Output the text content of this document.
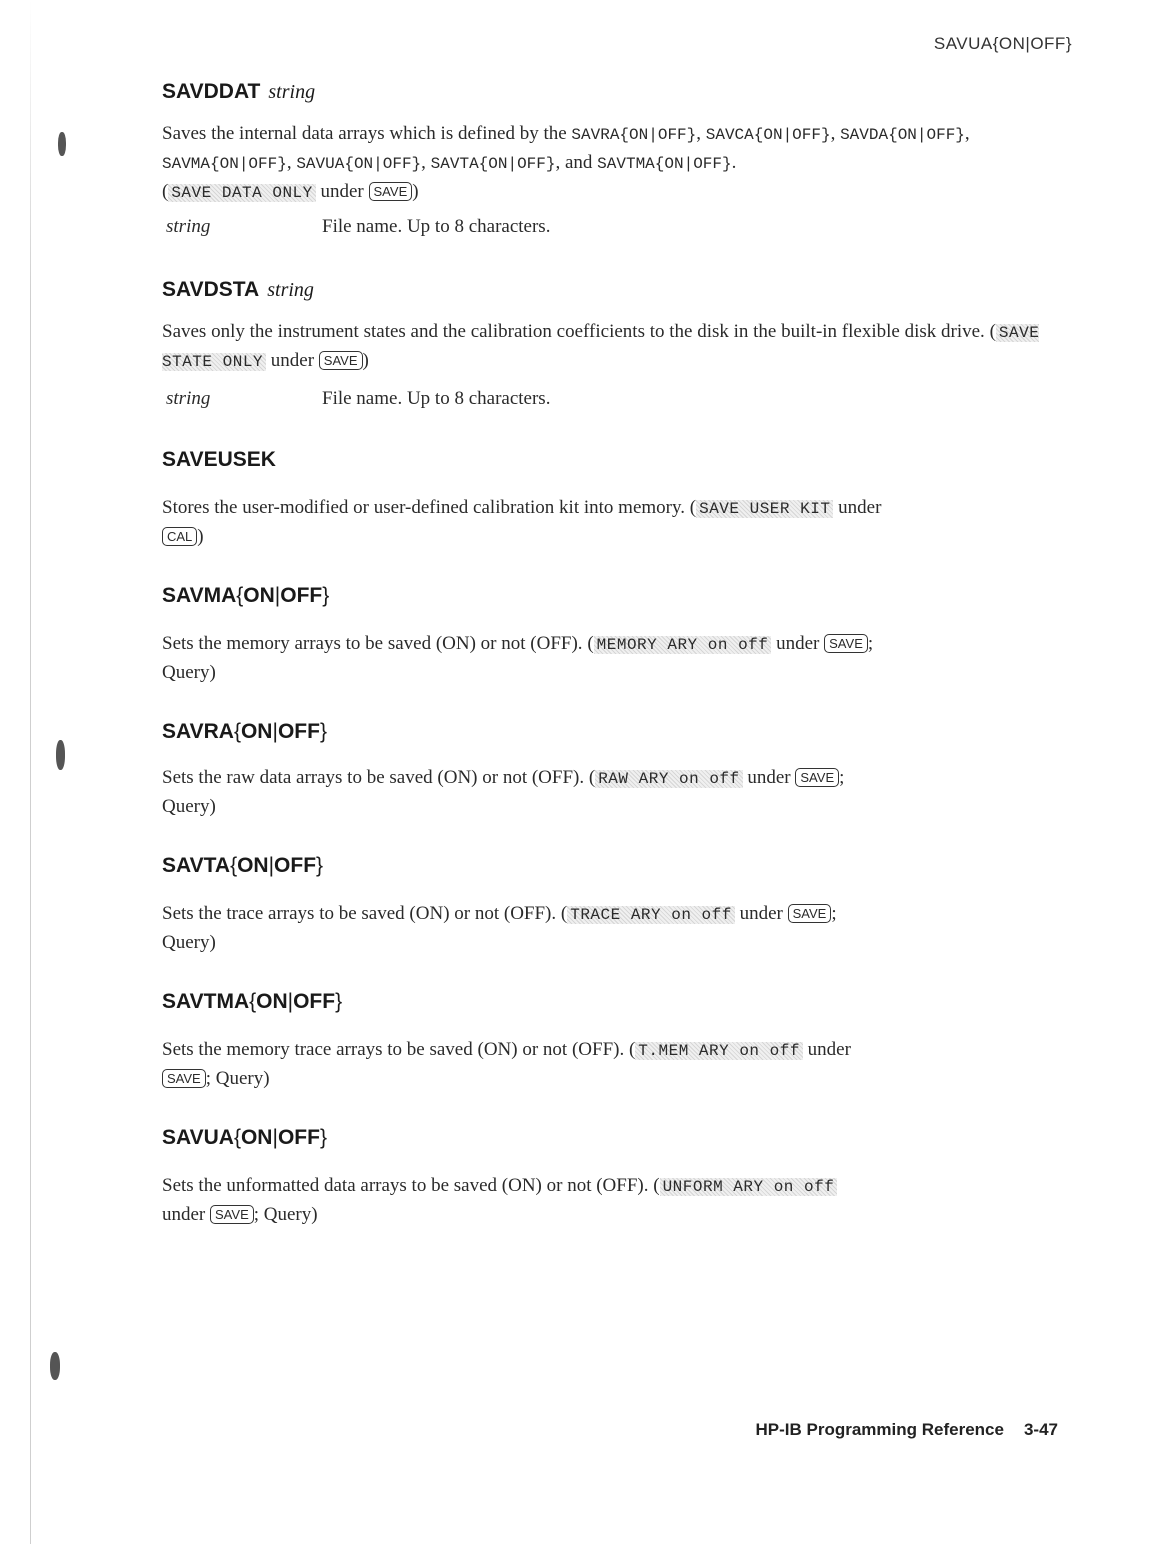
SAVUA{ON|OFF}
SAVDDAT string
Saves the internal data arrays which is defined by the SAVRA{ON|OFF}, SAVCA{ON|OFF}, SAVDA{ON|OFF}, SAVMA{ON|OFF}, SAVUA{ON|OFF}, SAVTA{ON|OFF}, and SAVTMA{ON|OFF}.
( SAVE DATA ONLY under SAVE )
string	File name. Up to 8 characters.
SAVDSTA string
Saves only the instrument states and the calibration coefficients to the disk in the built-in flexible disk drive. ( SAVE STATE ONLY under SAVE )
string	File name. Up to 8 characters.
SAVEUSEK
Stores the user-modified or user-defined calibration kit into memory. ( SAVE USER KIT under
CAL )
SAVMA{ON|OFF}
Sets the memory arrays to be saved (ON) or not (OFF). ( MEMORY ARY on off under SAVE ;
Query)
SAVRA{ON|OFF}
Sets the raw data arrays to be saved (ON) or not (OFF). ( RAW ARY on off under SAVE ;
Query)
SAVTA{ON|OFF}
Sets the trace arrays to be saved (ON) or not (OFF). ( TRACE ARY on off under SAVE ;
Query)
SAVTMA{ON|OFF}
Sets the memory trace arrays to be saved (ON) or not (OFF). ( T.MEM ARY on off under
SAVE ; Query)
SAVUA{ON|OFF}
Sets the unformatted data arrays to be saved (ON) or not (OFF). ( UNFORM ARY on off
under SAVE ; Query)
HP-IB Programming Reference 3-47
